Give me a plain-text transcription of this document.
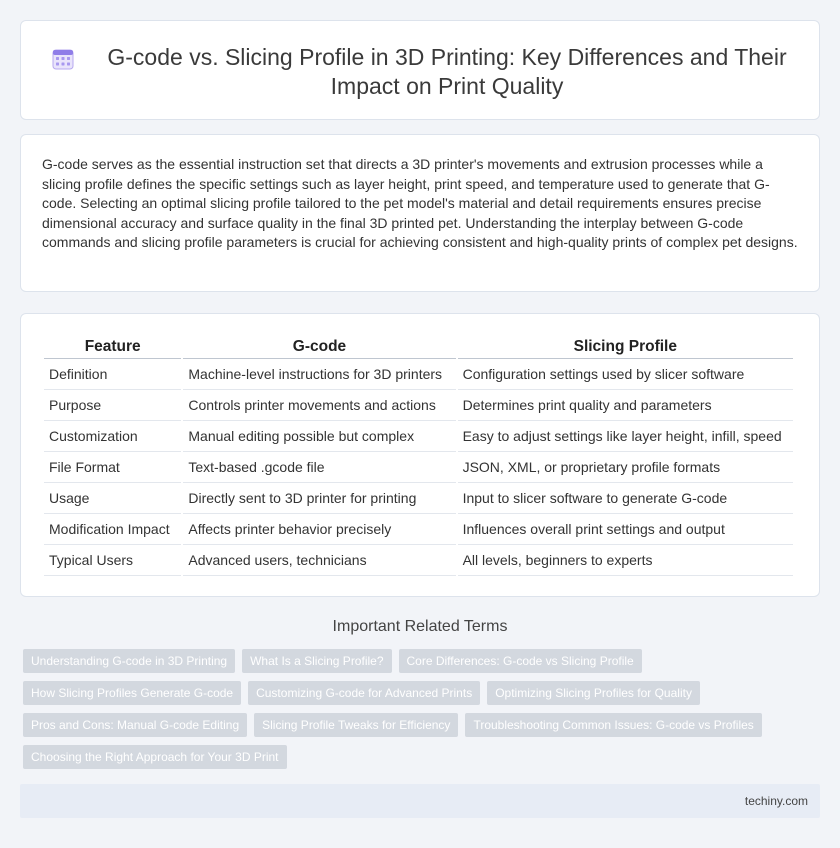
G-code vs. Slicing Profile in 3D Printing: Key Differences and Their Impact on Print Quality

G-code serves as the essential instruction set that directs a 3D printer's movements and extrusion processes while a slicing profile defines the specific settings such as layer height, print speed, and temperature used to generate that G-code. Selecting an optimal slicing profile tailored to the pet model's material and detail requirements ensures precise dimensional accuracy and surface quality in the final 3D printed pet. Understanding the interplay between G-code commands and slicing profile parameters is crucial for achieving consistent and high-quality prints of complex pet designs.

Feature	G-code	Slicing Profile
Definition	Machine-level instructions for 3D printers	Configuration settings used by slicer software
Purpose	Controls printer movements and actions	Determines print quality and parameters
Customization	Manual editing possible but complex	Easy to adjust settings like layer height, infill, speed
File Format	Text-based .gcode file	JSON, XML, or proprietary profile formats
Usage	Directly sent to 3D printer for printing	Input to slicer software to generate G-code
Modification Impact	Affects printer behavior precisely	Influences overall print settings and output
Typical Users	Advanced users, technicians	All levels, beginners to experts
Important Related Terms
Understanding G-code in 3D Printing	What Is a Slicing Profile?	Core Differences: G-code vs Slicing Profile
How Slicing Profiles Generate G-code	Customizing G-code for Advanced Prints	Optimizing Slicing Profiles for Quality
Pros and Cons: Manual G-code Editing	Slicing Profile Tweaks for Efficiency	Troubleshooting Common Issues: G-code vs Profiles
Choosing the Right Approach for Your 3D Print
techiny.com
